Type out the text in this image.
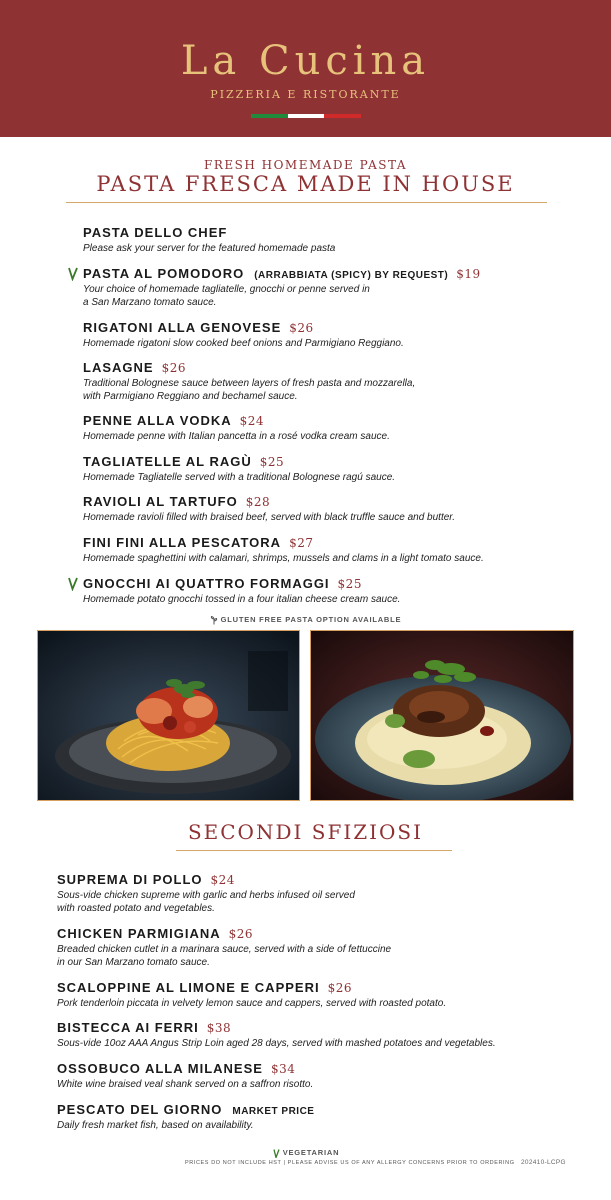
La Cucina
PIZZERIA E RISTORANTE
FRESH HOMEMADE PASTA
PASTA FRESCA MADE IN HOUSE
PASTA DELLO CHEF
Please ask your server for the featured homemade pasta
PASTA AL POMODORO (ARRABBIATA (SPICY) BY REQUEST) $19
Your choice of homemade tagliatelle, gnocchi or penne served in
a San Marzano tomato sauce.
RIGATONI ALLA GENOVESE $26
Homemade rigatoni slow cooked beef onions and Parmigiano Reggiano.
LASAGNE $26
Traditional Bolognese sauce between layers of fresh pasta and mozzarella,
with Parmigiano Reggiano and bechamel sauce.
PENNE ALLA VODKA $24
Homemade penne with Italian pancetta in a rosé vodka cream sauce.
TAGLIATELLE AL RAGÙ $25
Homemade Tagliatelle served with a traditional Bolognese ragú sauce.
RAVIOLI AL TARTUFO $28
Homemade ravioli filled with braised beef, served with black truffle sauce and butter.
FINI FINI ALLA PESCATORA $27
Homemade spaghettini with calamari, shrimps, mussels and clams in a light tomato sauce.
GNOCCHI AI QUATTRO FORMAGGI $25
Homemade potato gnocchi tossed in a four italian cheese cream sauce.
GLUTEN FREE PASTA OPTION AVAILABLE
SECONDI SFIZIOSI
SUPREMA DI POLLO $24
Sous-vide chicken supreme with garlic and herbs infused oil served
with roasted potato and vegetables.
CHICKEN PARMIGIANA $26
Breaded chicken cutlet in a marinara sauce, served with a side of fettuccine
in our San Marzano tomato sauce.
SCALOPPINE AL LIMONE E CAPPERI $26
Pork tenderloin piccata in velvety lemon sauce and cappers, served with roasted potato.
BISTECCA AI FERRI $38
Sous-vide 10oz AAA Angus Strip Loin aged 28 days, served with mashed potatoes and vegetables.
OSSOBUCO ALLA MILANESE $34
White wine braised veal shank served on a saffron risotto.
PESCATO DEL GIORNO MARKET PRICE
Daily fresh market fish, based on availability.
VEGETARIAN
PRICES DO NOT INCLUDE HST | PLEASE ADVISE US OF ANY ALLERGY CONCERNS PRIOR TO ORDERING 202410-LCPG
